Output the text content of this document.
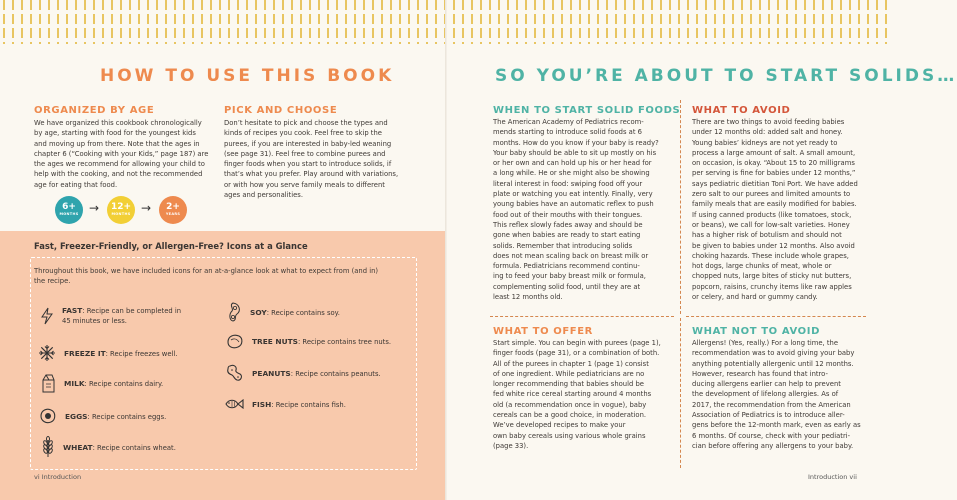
HOW TO USE THIS BOOK
ORGANIZED BY AGE
We have organized this cookbook chronologically
by age, starting with food for the youngest kids
and moving up from there. Note that the ages in
chapter 6 (“Cooking with your Kids,” page 187) are
the ages we recommend for allowing your child to
help with the cooking, and not the recommended
age for eating that food.
PICK AND CHOOSE
Don’t hesitate to pick and choose the types and
kinds of recipes you cook. Feel free to skip the
purees, if you are interested in baby-led weaning
(see page 31). Feel free to combine purees and
finger foods when you start to introduce solids, if
that’s what you prefer. Play around with variations,
or with how you serve family meals to different
ages and personalities.
6+
MONTHS → 12+
MONTHS → 2+
YEARS
Fast, Freezer-Friendly, or Allergen-Free? Icons at a Glance
Throughout this book, we have included icons for an at-a-glance look at what to expect from (and in)
the recipe.
FAST: Recipe can be completed in
45 minutes or less.
FREEZE IT: Recipe freezes well.
MILK: Recipe contains dairy.
EGGS: Recipe contains eggs.
WHEAT: Recipe contains wheat.
SOY: Recipe contains soy.
TREE NUTS: Recipe contains tree nuts.
PEANUTS: Recipe contains peanuts.
FISH: Recipe contains fish.
vi Introduction
SO YOU’RE ABOUT TO START SOLIDS…
WHEN TO START SOLID FOODS
The American Academy of Pediatrics recom-
mends starting to introduce solid foods at 6
months. How do you know if your baby is ready?
Your baby should be able to sit up mostly on his
or her own and can hold up his or her head for
a long while. He or she might also be showing
literal interest in food: swiping food off your
plate or watching you eat intently. Finally, very
young babies have an automatic reflex to push
food out of their mouths with their tongues.
This reflex slowly fades away and should be
gone when babies are ready to start eating
solids. Remember that introducing solids
does not mean scaling back on breast milk or
formula. Pediatricians recommend continu-
ing to feed your baby breast milk or formula,
complementing solid food, until they are at
least 12 months old.
WHAT TO AVOID
There are two things to avoid feeding babies
under 12 months old: added salt and honey.
Young babies’ kidneys are not yet ready to
process a large amount of salt. A small amount,
on occasion, is okay. “About 15 to 20 milligrams
per serving is fine for babies under 12 months,”
says pediatric dietitian Toni Port. We have added
zero salt to our purees and limited amounts to
family meals that are easily modified for babies.
If using canned products (like tomatoes, stock,
or beans), we call for low-salt varieties. Honey
has a higher risk of botulism and should not
be given to babies under 12 months. Also avoid
choking hazards. These include whole grapes,
hot dogs, large chunks of meat, whole or
chopped nuts, large bites of sticky nut butters,
popcorn, raisins, crunchy items like raw apples
or celery, and hard or gummy candy.
WHAT TO OFFER
Start simple. You can begin with purees (page 1),
finger foods (page 31), or a combination of both.
All of the purees in chapter 1 (page 1) consist
of one ingredient. While pediatricians are no
longer recommending that babies should be
fed white rice cereal starting around 4 months
old (a recommendation once in vogue), baby
cereals can be a good choice, in moderation.
We’ve developed recipes to make your
own baby cereals using various whole grains
(page 33).
WHAT NOT TO AVOID
Allergens! (Yes, really.) For a long time, the
recommendation was to avoid giving your baby
anything potentially allergenic until 12 months.
However, research has found that intro-
ducing allergens earlier can help to prevent
the development of lifelong allergies. As of
2017, the recommendation from the American
Association of Pediatrics is to introduce aller-
gens before the 12-month mark, even as early as
6 months. Of course, check with your pediatri-
cian before offering any allergens to your baby.
Introduction vii
